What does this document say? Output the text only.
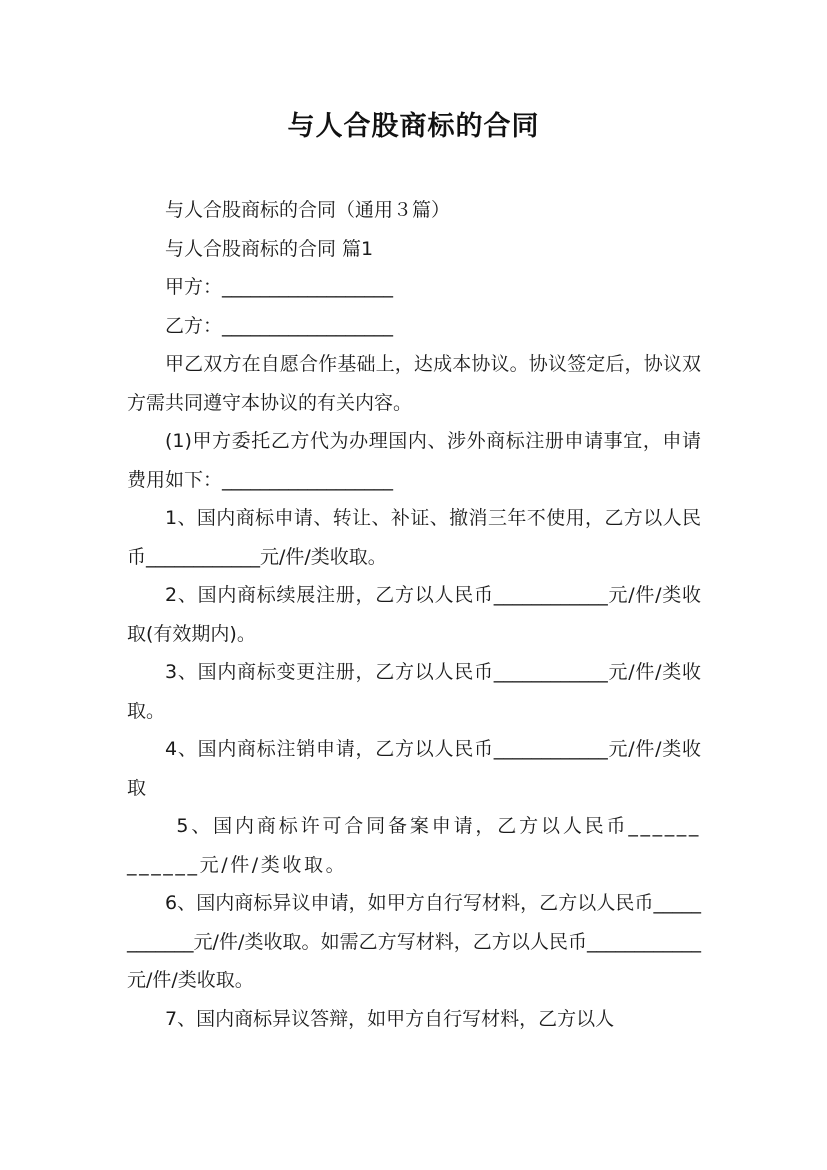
与人合股商标的合同

与人合股商标的合同（通用３篇）

与人合股商标的合同 篇1

甲方：__________________

乙方：__________________

甲乙双方在自愿合作基础上，达成本协议。协议签定后，协议双方需共同遵守本协议的有关内容。

(1)甲方委托乙方代为办理国内、涉外商标注册申请事宜，申请费用如下：__________________

1、国内商标申请、转让、补证、撤消三年不使用，乙方以人民币____________元/件/类收取。

2、国内商标续展注册，乙方以人民币____________元/件/类收取(有效期内)。

3、国内商标变更注册，乙方以人民币____________元/件/类收取。

4、国内商标注销申请，乙方以人民币____________元/件/类收取

5、国内商标许可合同备案申请，乙方以人民币____________元/件/类收取。

6、国内商标异议申请，如甲方自行写材料，乙方以人民币____________元/件/类收取。如需乙方写材料，乙方以人民币____________元/件/类收取。

7、国内商标异议答辩，如甲方自行写材料，乙方以人
